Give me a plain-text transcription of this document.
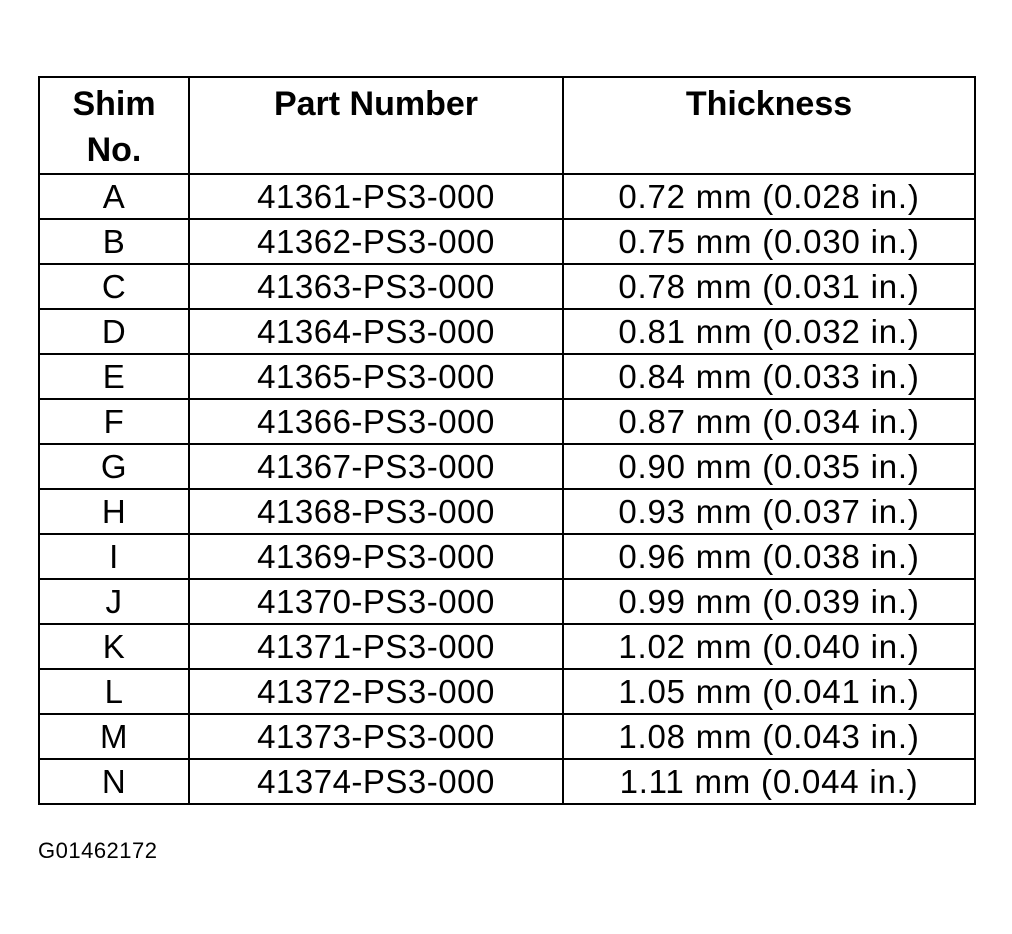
Shim
No.	Part Number	Thickness
A	41361-PS3-000	0.72 mm (0.028 in.)
B	41362-PS3-000	0.75 mm (0.030 in.)
C	41363-PS3-000	0.78 mm (0.031 in.)
D	41364-PS3-000	0.81 mm (0.032 in.)
E	41365-PS3-000	0.84 mm (0.033 in.)
F	41366-PS3-000	0.87 mm (0.034 in.)
G	41367-PS3-000	0.90 mm (0.035 in.)
H	41368-PS3-000	0.93 mm (0.037 in.)
I	41369-PS3-000	0.96 mm (0.038 in.)
J	41370-PS3-000	0.99 mm (0.039 in.)
K	41371-PS3-000	1.02 mm (0.040 in.)
L	41372-PS3-000	1.05 mm (0.041 in.)
M	41373-PS3-000	1.08 mm (0.043 in.)
N	41374-PS3-000	1.11 mm (0.044 in.)
G01462172
